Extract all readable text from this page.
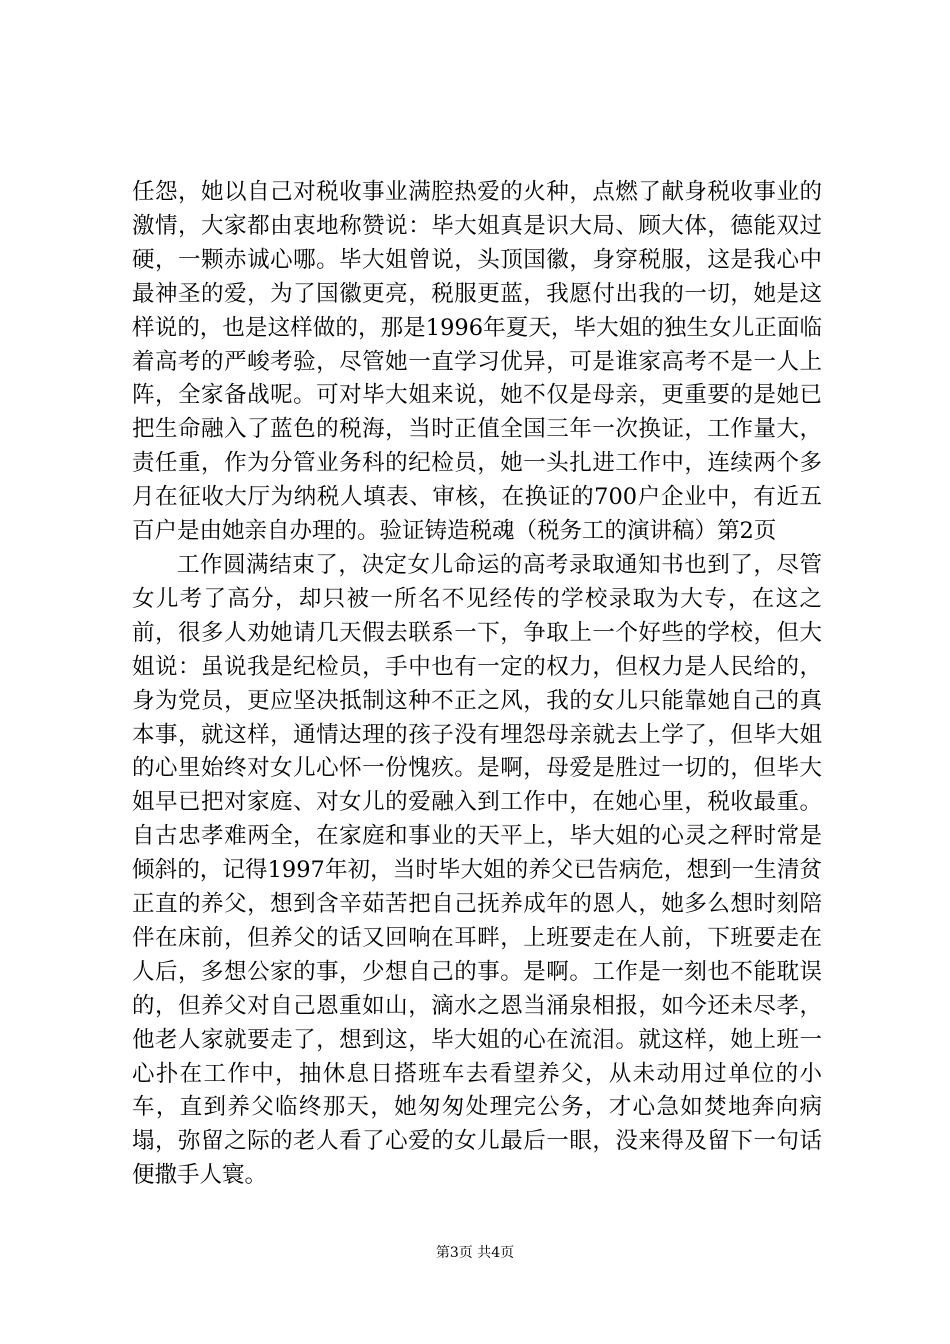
任怨，她以自己对税收事业满腔热爱的火种，点燃了献身税收事业的激情，大家都由衷地称赞说：毕大姐真是识大局、顾大体，德能双过硬，一颗赤诚心哪。毕大姐曾说，头顶国徽，身穿税服，这是我心中最神圣的爱，为了国徽更亮，税服更蓝，我愿付出我的一切，她是这样说的，也是这样做的，那是1996年夏天，毕大姐的独生女儿正面临着高考的严峻考验，尽管她一直学习优异，可是谁家高考不是一人上阵，全家备战呢。可对毕大姐来说，她不仅是母亲，更重要的是她已把生命融入了蓝色的税海，当时正值全国三年一次换证，工作量大，责任重，作为分管业务科的纪检员，她一头扎进工作中，连续两个多月在征收大厅为纳税人填表、审核，在换证的700户企业中，有近五百户是由她亲自办理的。验证铸造税魂（税务工的演讲稿）第2页

工作圆满结束了，决定女儿命运的高考录取通知书也到了，尽管女儿考了高分，却只被一所名不见经传的学校录取为大专，在这之前，很多人劝她请几天假去联系一下，争取上一个好些的学校，但大姐说：虽说我是纪检员，手中也有一定的权力，但权力是人民给的，身为党员，更应坚决抵制这种不正之风，我的女儿只能靠她自己的真本事，就这样，通情达理的孩子没有埋怨母亲就去上学了，但毕大姐的心里始终对女儿心怀一份愧疚。是啊，母爱是胜过一切的，但毕大姐早已把对家庭、对女儿的爱融入到工作中，在她心里，税收最重。自古忠孝难两全，在家庭和事业的天平上，毕大姐的心灵之秤时常是倾斜的，记得1997年初，当时毕大姐的养父已告病危，想到一生清贫正直的养父，想到含辛茹苦把自己抚养成年的恩人，她多么想时刻陪伴在床前，但养父的话又回响在耳畔，上班要走在人前，下班要走在人后，多想公家的事，少想自己的事。是啊。工作是一刻也不能耽误的，但养父对自己恩重如山，滴水之恩当涌泉相报，如今还未尽孝，他老人家就要走了，想到这，毕大姐的心在流泪。就这样，她上班一心扑在工作中，抽休息日搭班车去看望养父，从未动用过单位的小车，直到养父临终那天，她匆匆处理完公务，才心急如焚地奔向病塌，弥留之际的老人看了心爱的女儿最后一眼，没来得及留下一句话便撒手人寰。

第3页 共4页
